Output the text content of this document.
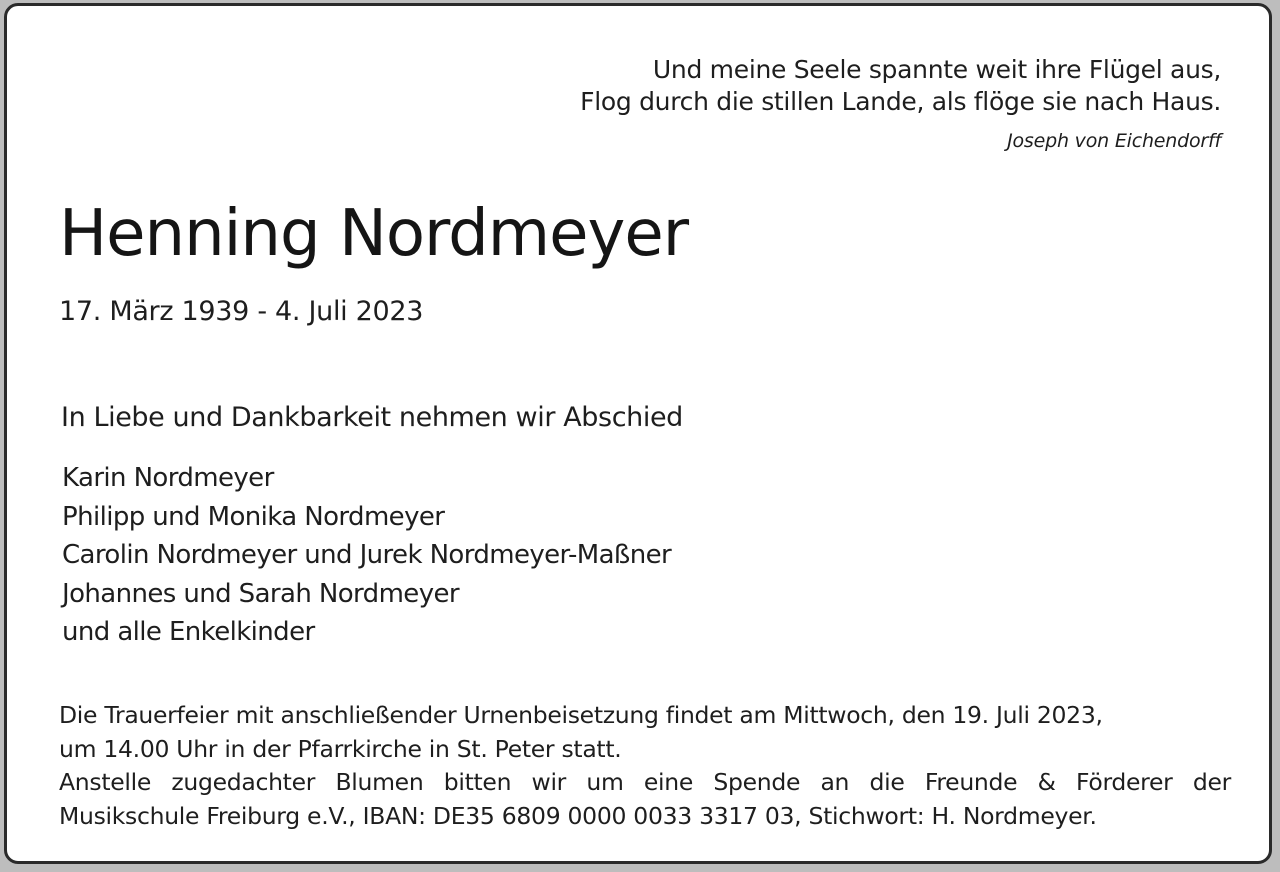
Und meine Seele spannte weit ihre Flügel aus,
Flog durch die stillen Lande, als flöge sie nach Haus.
Joseph von Eichendorff
Henning Nordmeyer
17. März 1939 - 4. Juli 2023
In Liebe und Dankbarkeit nehmen wir Abschied
Karin Nordmeyer
Philipp und Monika Nordmeyer
Carolin Nordmeyer und Jurek Nordmeyer-Maßner
Johannes und Sarah Nordmeyer
und alle Enkelkinder
Die Trauerfeier mit anschließender Urnenbeisetzung findet am Mittwoch, den 19. Juli 2023,
um 14.00 Uhr in der Pfarrkirche in St. Peter statt.
Anstelle zugedachter Blumen bitten wir um eine Spende an die Freunde & Förderer der
Musikschule Freiburg e.V., IBAN: DE35 6809 0000 0033 3317 03, Stichwort: H. Nordmeyer.
